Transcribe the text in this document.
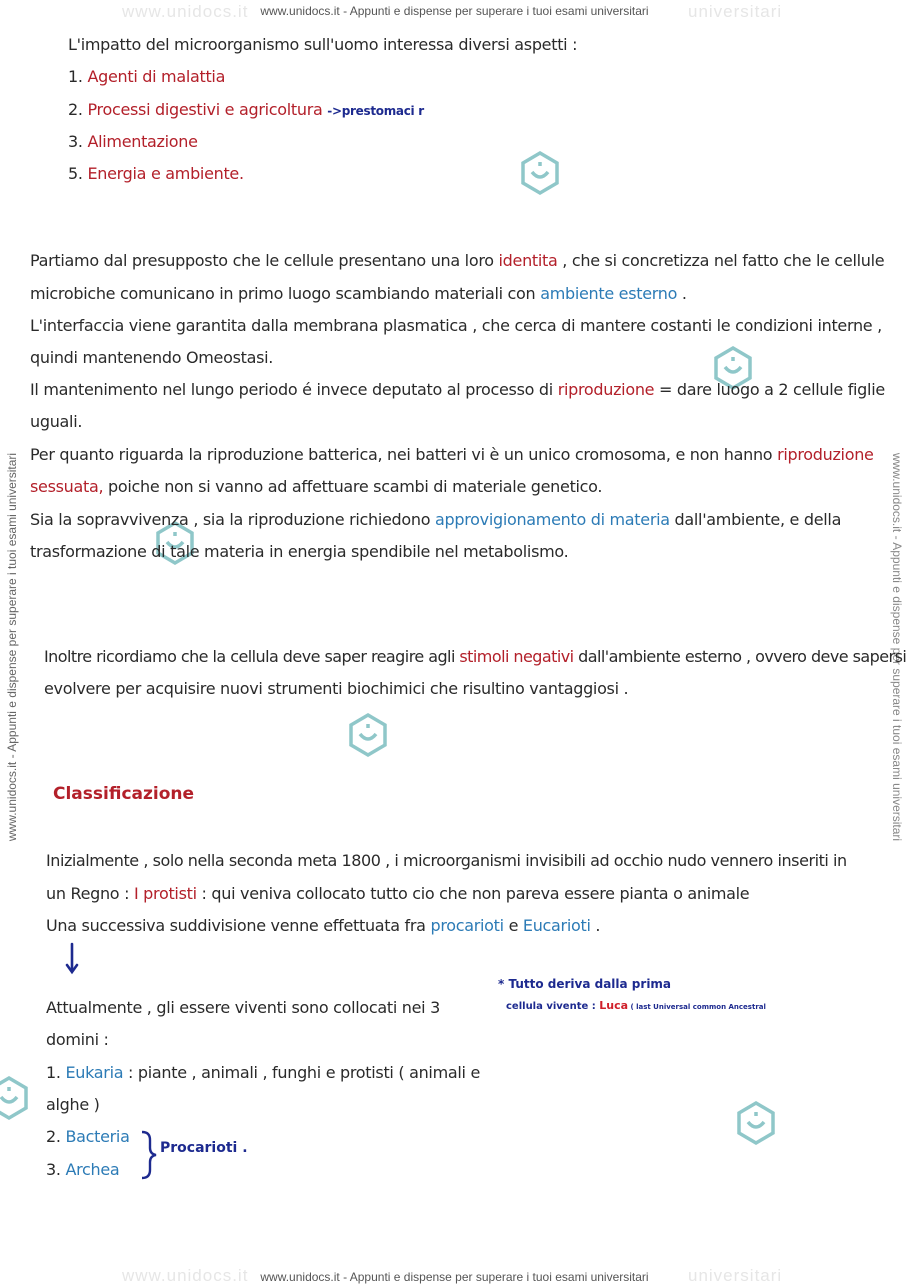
www.unidocs.it	universitari
www.unidocs.it	universitari
www.unidocs.it - Appunti e dispense per superare i tuoi esami universitari
www.unidocs.it - Appunti e dispense per superare i tuoi esami universitari
www.unidocs.it - Appunti e dispense per superare i tuoi esami universitari	www.unidocs.it - Appunti e dispense per superare i tuoi esami universitari
L'impatto del microorganismo sull'uomo interessa diversi aspetti :
1. Agenti di malattia
2. Processi digestivi e agricoltura ->prestomaci r
3. Alimentazione
5. Energia e ambiente.
Partiamo dal presupposto che le cellule presentano una loro identita , che si concretizza nel fatto che le cellule
microbiche comunicano in primo luogo scambiando materiali con ambiente esterno .
L'interfaccia viene garantita dalla membrana plasmatica , che cerca di mantere costanti le condizioni interne ,
quindi mantenendo Omeostasi.
Il mantenimento nel lungo periodo é invece deputato al processo di riproduzione = dare luogo a 2 cellule figlie
uguali.
Per quanto riguarda la riproduzione batterica, nei batteri vi è un unico cromosoma, e non hanno riproduzione
sessuata, poiche non si vanno ad affettuare scambi di materiale genetico.
Sia la sopravvivenza , sia la riproduzione richiedono approvigionamento di materia dall'ambiente, e della
trasformazione di tale materia in energia spendibile nel metabolismo.
Inoltre ricordiamo che la cellula deve saper reagire agli stimoli negativi dall'ambiente esterno , ovvero deve sapersi
evolvere per acquisire nuovi strumenti biochimici che risultino vantaggiosi .
Classificazione
Inizialmente , solo nella seconda meta 1800 , i microorganismi invisibili ad occhio nudo vennero inseriti in
un Regno : I protisti : qui veniva collocato tutto cio che non pareva essere pianta o animale
Una successiva suddivisione venne effettuata fra procarioti e Eucarioti .
Attualmente , gli essere viventi sono collocati nei 3
domini :
1. Eukaria : piante , animali , funghi e protisti ( animali e
alghe )
2. Bacteria
3. Archea
Procarioti .
* Tutto deriva dalla prima
cellula vivente : Luca ( last Universal common Ancestral
